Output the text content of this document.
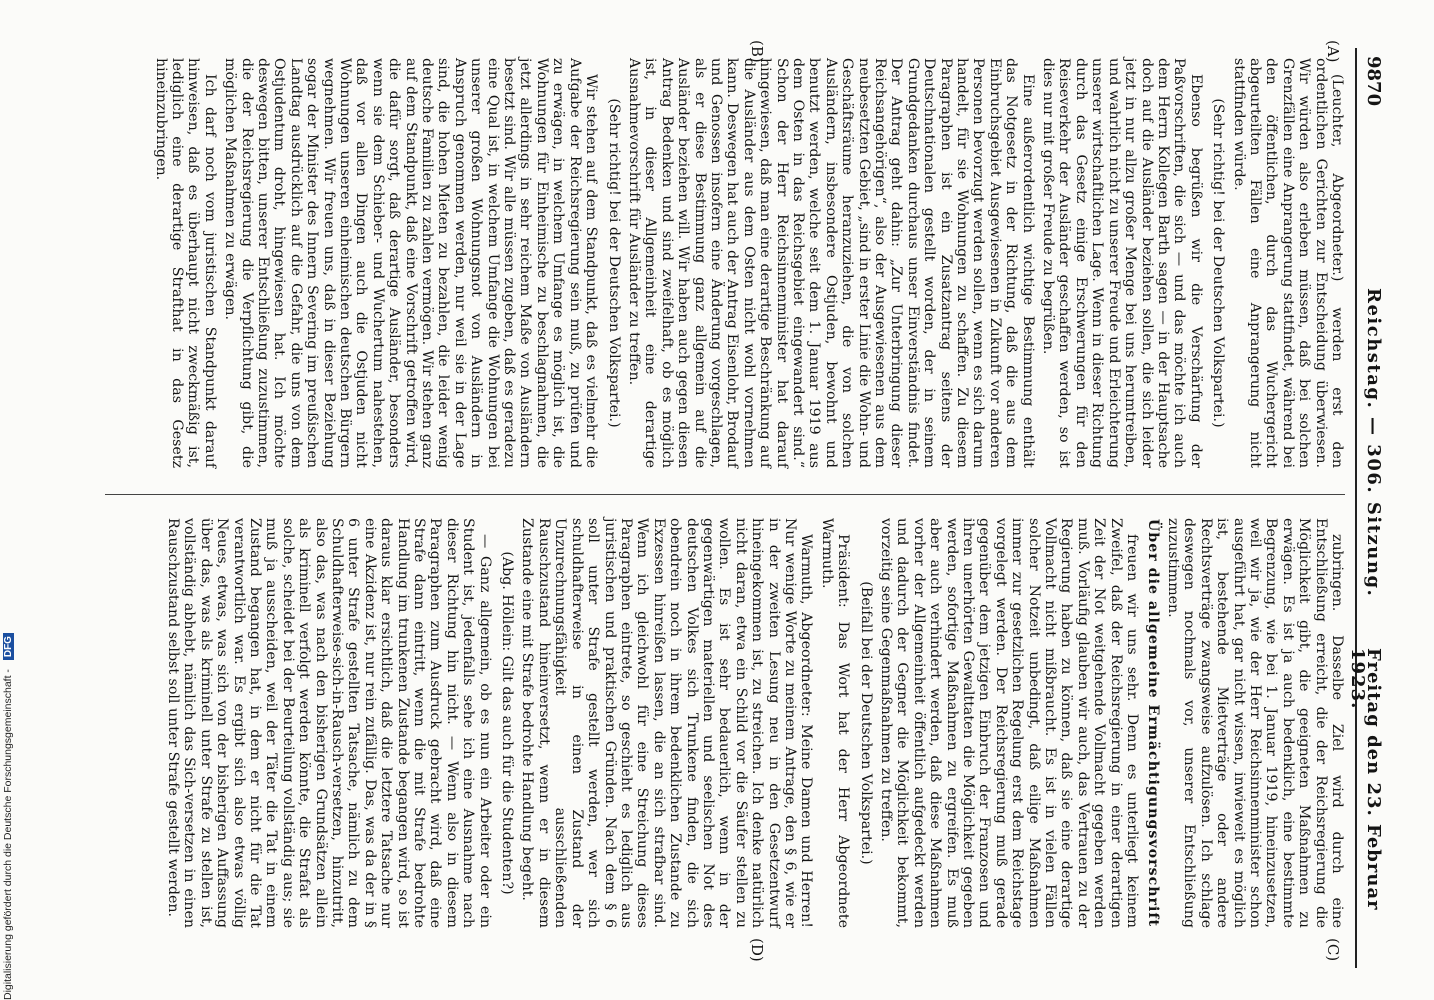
9870
Reichstag. — 306. Sitzung.
Freitag den 23. Februar 1923.
(A)
(B)
(C)
(D)

(Leuchter, Abgeordneter.) werden erst den ordentlichen Gerichten zur Entscheidung überwiesen. Wir würden also erleben müssen, daß bei solchen Grenzfällen eine Anprangerung stattfindet, während bei den öffentlichen, durch das Wuchergericht abgeurteilten Fällen eine Anprangerung nicht stattfinden würde.

(Sehr richtig! bei der Deutschen Volkspartei.)

Ebenso begrüßen wir die Verschärfung der Paßvorschriften, die sich — und das möchte ich auch dem Herrn Kollegen Barth sagen — in der Hauptsache doch auf die Ausländer beziehen sollen, die sich leider jetzt in nur allzu großer Menge bei uns herumtreiben, und wahrlich nicht zu unserer Freude und Erleichterung unserer wirtschaftlichen Lage. Wenn in dieser Richtung durch das Gesetz einige Erschwerungen für den Reiseverkehr der Ausländer geschaffen werden, so ist dies nur mit großer Freude zu begrüßen.

Eine außerordentlich wichtige Bestimmung enthält das Notgesetz in der Richtung, daß die aus dem Einbruchsgebiet Ausgewiesenen in Zukunft vor anderen Personen bevorzugt werden sollen, wenn es sich darum handelt, für sie Wohnungen zu schaffen. Zu diesem Paragraphen ist ein Zusatzantrag seitens der Deutschnationalen gestellt worden, der in seinem Grundgedanken durchaus unser Einverständnis findet. Der Antrag geht dahin: „Zur Unterbringung dieser Reichsangehörigen“, also der Ausgewiesenen aus dem neubesetzten Gebiet, „sind in erster Linie die Wohn- und Geschäftsräume heranzuziehen, die von solchen Ausländern, insbesondere Ostjuden, bewohnt und benutzt werden, welche seit dem 1. Januar 1919 aus dem Osten in das Reichsgebiet eingewandert sind.“ Schon der Herr Reichsinnenminister hat darauf hingewiesen, daß man eine derartige Beschränkung auf die Ausländer aus dem Osten nicht wohl vornehmen kann. Deswegen hat auch der Antrag Eisenlohr, Brodauf und Genossen insofern eine Änderung vorgeschlagen, als er diese Bestimmung ganz allgemein auf die Ausländer beziehen will. Wir haben auch gegen diesen Antrag Bedenken und sind zweifelhaft, ob es möglich ist, in dieser Allgemeinheit eine derartige Ausnahmevorschrift für Ausländer zu treffen.

(Sehr richtig! bei der Deutschen Volkspartei.)

Wir stehen auf dem Standpunkt, daß es vielmehr die Aufgabe der Reichsregierung sein muß, zu prüfen und zu erwägen, in welchem Umfange es möglich ist, die Wohnungen für Einheimische zu beschlagnahmen, die jetzt allerdings in sehr reichem Maße von Ausländern besetzt sind. Wir alle müssen zugeben, daß es geradezu eine Qual ist, in welchem Umfange die Wohnungen bei unserer großen Wohnungsnot von Ausländern in Anspruch genommen werden, nur weil sie in der Lage sind, die hohen Mieten zu bezahlen, die leider wenig deutsche Familien zu zahlen vermögen. Wir stehen ganz auf dem Standpunkt, daß eine Vorschrift getroffen wird, die dafür sorgt, daß derartige Ausländer, besonders wenn sie dem Schieber- und Wuchertum nahestehen, daß vor allen Dingen auch die Ostjuden nicht Wohnungen unseren einheimischen deutschen Bürgern wegnehmen. Wir freuen uns, daß in dieser Beziehung sogar der Minister des Innern Severing im preußischen Landtag ausdrücklich auf die Gefahr, die uns von dem Ostjudentum droht, hingewiesen hat. Ich möchte deswegen bitten, unserer Entschließung zuzustimmen, die der Reichsregierung die Verpflichtung gibt, die möglichen Maßnahmen zu erwägen.

Ich darf noch vom juristischen Standpunkt darauf hinweisen, daß es überhaupt nicht zweckmäßig ist, lediglich eine derartige Strafthat in das Gesetz hineinzubringen.

zubringen. Dasselbe Ziel wird durch eine Entschließung erreicht, die der Reichsregierung die Möglichkeit gibt, die geeigneten Maßnahmen zu erwägen. Es ist ja auch bedenklich, eine bestimmte Begrenzung, wie bei 1. Januar 1919, hineinzusetzen, weil wir ja, wie der Herr Reichsinnenminister schon ausgeführt hat, gar nicht wissen, inwieweit es möglich ist, bestehende Mietverträge oder andere Rechtsverträge zwangsweise aufzulösen. Ich schlage deswegen nochmals vor, unserer Entschließung zuzustimmen.

Über die allgemeine Ermächtigungsvorschrift

freuen wir uns sehr. Denn es unterliegt keinem Zweifel, daß der Reichsregierung in einer derartigen Zeit der Not weitgehende Vollmacht gegeben werden muß. Vorläufig glauben wir auch, das Vertrauen zu der Regierung haben zu können, daß sie eine derartige Vollmacht nicht mißbraucht. Es ist in vielen Fällen solcher Notzeit unbedingt, daß eilige Maßnahmen immer zur gesetzlichen Regelung erst dem Reichstage vorgelegt werden. Der Reichsregierung muß gerade gegenüber dem jetzigen Einbruch der Franzosen und ihren unerhörten Gewalttaten die Möglichkeit gegeben werden, sofortige Maßnahmen zu ergreifen. Es muß aber auch verhindert werden, daß diese Maßnahmen vorher der Allgemeinheit öffentlich aufgedeckt werden und dadurch der Gegner die Möglichkeit bekommt, vorzeitig seine Gegenmaßnahmen zu treffen.

(Beifall bei der Deutschen Volkspartei.)

Präsident: Das Wort hat der Herr Abgeordnete Warmuth.

Warmuth, Abgeordneter: Meine Damen und Herren! Nur wenige Worte zu meinem Antrage, den § 6, wie er in der zweiten Lesung neu in den Gesetzentwurf hineingekommen ist, zu streichen. Ich denke natürlich nicht daran, etwa ein Schild vor die Säufer stellen zu wollen. Es ist sehr bedauerlich, wenn in der gegenwärtigen materiellen und seelischen Not des deutschen Volkes sich Trunkene finden, die sich obendrein noch in ihrem bedenklichen Zustande zu Exzessen hinreißen lassen, die an sich strafbar sind. Wenn ich gleichwohl für eine Streichung dieses Paragraphen eintrete, so geschieht es lediglich aus juristischen und praktischen Gründen. Nach dem § 6 soll unter Strafe gestellt werden, wer sich schuldhafterweise in einen Zustand der Unzurechnungsfähigkeit ausschließenden Rauschzustand hineinversetzt, wenn er in diesem Zustande eine mit Strafe bedrohte Handlung begeht.

(Abg. Höllein: Gilt das auch für die Studenten?)

— Ganz allgemein, ob es nun ein Arbeiter oder ein Student ist, jedenfalls sehe ich eine Ausnahme nach dieser Richtung hin nicht. — Wenn also in diesem Paragraphen zum Ausdruck gebracht wird, daß eine Strafe dann eintritt, wenn die mit Strafe bedrohte Handlung im trunkenen Zustande begangen wird, so ist daraus klar ersichtlich, daß die letztere Tatsache nur eine Akzidenz ist, nur rein zufällig. Das, was da der in § 6 unter Strafe gestellten Tatsache, nämlich zu dem Schuldhafterweise-sich-in-Rausch-versetzen, hinzutritt, also das, was nach den bisherigen Grundsätzen allein als kriminell verfolgt werden könnte, die Strafat als solche, scheidet bei der Beurteilung vollständig aus; sie muß ja ausscheiden, weil der Täter die Tat in einem Zustand begangen hat, in dem er nicht für die Tat verantwortlich war. Es ergibt sich also etwas völlig Neues, etwas, was sich von der bisherigen Auffassung über das, was als kriminell unter Strafe zu stellen ist, vollständig abhebt, nämlich das Sich-versetzen in einen Rauschzustand selbst soll unter Strafe gestellt werden.

Digitalisierung gefördert durch die Deutsche Forschungsgemeinschaft - DFG
